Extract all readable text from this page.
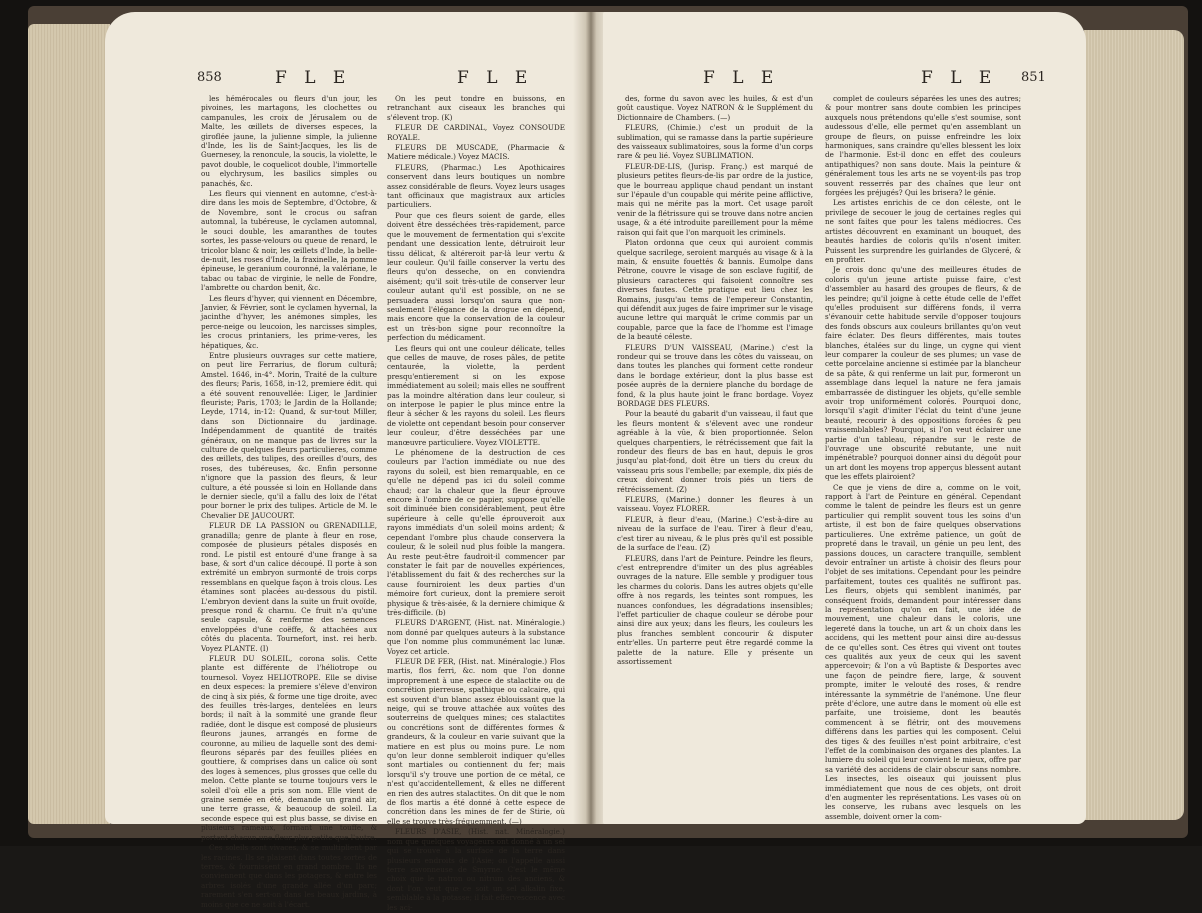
858	F L E	F L E

les hémérocales ou fleurs d'un jour, les pivoines, les martagons, les clochettes ou campanules, les croix de Jérusalem ou de Malte, les œillets de diverses especes, la giroflée jaune, la julienne simple, la julienne d'Inde, les lis de Saint-Jacques, les lis de Guernesey, la renoncule, la soucis, la violette, le pavot double, le coquelicot double, l'immortelle ou elychrysum, les basilics simples ou panachés, &c.

Les fleurs qui viennent en automne, c'est-à-dire dans les mois de Septembre, d'Octobre, & de Novembre, sont le crocus ou safran automnal, la tubéreuse, le cyclamen automnal, le souci double, les amaranthes de toutes sortes, les passe-velours ou queue de renard, le tricolor blanc & noir, les œillets d'Inde, la belle-de-nuit, les roses d'Inde, la fraxinelle, la pomme épineuse, le geranium couronné, la valériane, le tabac ou tabac de virginie, le nelle de Fondre, l'ambrette ou chardon benit, &c.

Les fleurs d'hyver, qui viennent en Décembre, Janvier, & Février, sont le cyclamen hyvernal, la jacinthe d'hyver, les anémones simples, les perce-neige ou leucoion, les narcisses simples, les crocus printaniers, les prime-veres, les hépatiques, &c.

Entre plusieurs ouvrages sur cette matiere, on peut lire Ferrarius, de florum culturâ; Amstel. 1646, in-4°. Morin, Traité de la culture des fleurs; Paris, 1658, in-12, premiere édit. qui a été souvent renouvellée: Liger, le Jardinier fleuriste; Paris, 1703; le Jardin de la Hollande; Leyde, 1714, in-12: Quand, & sur-tout Miller, dans son Dictionnaire du jardinage. Indépendamment de quantité de traités généraux, on ne manque pas de livres sur la culture de quelques fleurs particulieres, comme des œillets, des tulipes, des oreilles d'ours, des roses, des tubéreuses, &c. Enfin personne n'ignore que la passion des fleurs, & leur culture, a été poussée si loin en Hollande dans le dernier siecle, qu'il a fallu des loix de l'état pour borner le prix des tulipes. Article de M. le Chevalier DE JAUCOURT.

FLEUR DE LA PASSION ou GRENADILLE, granadilla; genre de plante à fleur en rose, composée de plusieurs pétales disposés en rond. Le pistil est entouré d'une frange à sa base, & sort d'un calice découpé. Il porte à son extrémité un embryon surmonté de trois corps ressemblans en quelque façon à trois clous. Les étamines sont placées au-dessous du pistil. L'embryon devient dans la suite un fruit ovoïde, presque rond & charnu. Ce fruit n'a qu'une seule capsule, & renferme des semences enveloppées d'une coëffe, & attachées aux côtés du placenta. Tournefort, inst. rei herb. Voyez PLANTE. (I)

FLEUR DU SOLEIL, corona solis. Cette plante est différente de l'héliotrope ou tournesol. Voyez HELIOTROPE. Elle se divise en deux especes: la premiere s'éleve d'environ de cinq à six piés, & forme une tige droite, avec des feuilles très-larges, dentelées en leurs bords; il naît à la sommité une grande fleur radiée, dont le disque est composé de plusieurs fleurons jaunes, arrangés en forme de couronne, au milieu de laquelle sont des demi-fleurons séparés par des feuilles pliées en gouttiere, & comprises dans un calice où sont des loges à semences, plus grosses que celle du melon. Cette plante se tourne toujours vers le soleil d'où elle a pris son nom. Elle vient de graine semée en été, demande un grand air, une terre grasse, & beaucoup de soleil. La seconde espece qui est plus basse, se divise en plusieurs rameaux, formant une touffe, & portant chacun une fleur plus petite que l'autre.

Ces soleils sont vivaces, & se multiplient par les racines. Ils se plaisent dans toutes sortes de terres, & fournissent en grand nombre. Ils ne conviennent que dans les potagers, & entre les arbres isolés d'une grande allée d'un parc; rarement s'en sert-on dans les beaux jardins, à moins que ce ne soit à l'écart.

On les peut tondre en buissons, en retranchant aux ciseaux les branches qui s'élevent trop. (K)

FLEUR DE CARDINAL, Voyez CONSOUDE ROYALE.

FLEURS DE MUSCADE, (Pharmacie & Matiere médicale.) Voyez MACIS.

FLEURS, (Pharmac.) Les Apothicaires conservent dans leurs boutiques un nombre assez considérable de fleurs. Voyez leurs usages tant officinaux que magistraux aux articles particuliers.

Pour que ces fleurs soient de garde, elles doivent être desséchées très-rapidement, parce que le mouvement de fermentation qui s'excite pendant une dessication lente, détruiroit leur tissu délicat, & altéreroit par-là leur vertu & leur couleur. Qu'il faille conserver la vertu des fleurs qu'on desseche, on en conviendra aisément; qu'il soit très-utile de conserver leur couleur autant qu'il est possible, on ne se persuadera aussi lorsqu'on saura que non-seulement l'élégance de la drogue en dépend, mais encore que la conservation de la couleur est un très-bon signe pour reconnoître la perfection du médicament.

Les fleurs qui ont une couleur délicate, telles que celles de mauve, de roses pâles, de petite centaurée, la violette, la perdent presqu'entierement si on les expose immédiatement au soleil; mais elles ne souffrent pas la moindre altération dans leur couleur, si on interpose le papier le plus mince entre la fleur à sécher & les rayons du soleil. Les fleurs de violette ont cependant besoin pour conserver leur couleur, d'être desséchées par une manœuvre particuliere. Voyez VIOLETTE.

Le phénomene de la destruction de ces couleurs par l'action immédiate ou nue des rayons du soleil, est bien remarquable, en ce qu'elle ne dépend pas ici du soleil comme chaud; car la chaleur que la fleur éprouve encore à l'ombre de ce papier, suppose qu'elle soit diminuée bien considérablement, peut être supérieure à celle qu'elle éprouveroit aux rayons immédiats d'un soleil moins ardent; & cependant l'ombre plus chaude conservera la couleur, & le soleil nud plus foible la mangera. Au reste peut-être faudroit-il commencer par constater le fait par de nouvelles expériences, l'établissement du fait & des recherches sur la cause fourniroient les deux parties d'un mémoire fort curieux, dont la premiere seroit physique & très-aisée, & la derniere chimique & très-difficile. (b)

FLEURS D'ARGENT, (Hist. nat. Minéralogie.) nom donné par quelques auteurs à la substance que l'on nomme plus communément lac lunæ. Voyez cet article.

FLEUR DE FER, (Hist. nat. Minéralogie.) Flos martis, flos ferri, &c. nom que l'on donne improprement à une espece de stalactite ou de concrétion pierreuse, spathique ou calcaire, qui est souvent d'un blanc assez éblouissant que la neige, qui se trouve attachée aux voûtes des souterreins de quelques mines; ces stalactites ou concrétions sont de différentes formes & grandeurs, & la couleur en varie suivant que la matiere en est plus ou moins pure. Le nom qu'on leur donne sembleroit indiquer qu'elles sont martiales ou contiennent du fer; mais lorsqu'il s'y trouve une portion de ce métal, ce n'est qu'accidentellement, & elles ne different en rien des autres stalactites. On dit que le nom de flos martis a été donné à cette espece de concrétion dans les mines de fer de Stirie, où elle se trouve très-fréquemment. (—)

FLEURS D'ASIE, (Hist. nat. Minéralogie.) nom que quelques voyageurs ont donné à un sel qui se trouve à la surface de la terre dans plusieurs endroits de l'Asie; on l'appelle aussi terre savonneuse de Smyrne. C'est le même choix que le natron ou nitrum des anciens, & dont l'on veut que ce soit un sel alkalin fixe, semblable à la potasse; il fait effervescence avec les aci-

F L E	F L E 851

des, forme du savon avec les huiles, & est d'un goût caustique. Voyez NATRON & le Supplément du Dictionnaire de Chambers. (—)

FLEURS, (Chimie.) c'est un produit de la sublimation, qui se ramasse dans la partie supérieure des vaisseaux sublimatoires, sous la forme d'un corps rare & peu lié. Voyez SUBLIMATION.

FLEUR-DE-LIS, (Jurisp. Franç.) est marqué de plusieurs petites fleurs-de-lis par ordre de la justice, que le bourreau applique chaud pendant un instant sur l'épaule d'un coupable qui mérite peine afflictive, mais qui ne mérite pas la mort. Cet usage paroît venir de la flétrissure qui se trouve dans notre ancien usage, & a été introduite pareillement pour la même raison qui fait que l'on marquoit les criminels.

Platon ordonna que ceux qui auroient commis quelque sacrilege, seroient marqués au visage & à la main, & ensuite fouettés & bannis. Eumolpe dans Pétrone, couvre le visage de son esclave fugitif, de plusieurs caracteres qui faisoient connoître ses diverses fautes. Cette pratique eut lieu chez les Romains, jusqu'au tems de l'empereur Constantin, qui défendit aux juges de faire imprimer sur le visage aucune lettre qui marquât le crime commis par un coupable, parce que la face de l'homme est l'image de la beauté céleste.

FLEURS D'UN VAISSEAU, (Marine.) c'est la rondeur qui se trouve dans les côtes du vaisseau, on dans toutes les planches qui forment cette rondeur dans le bordage extérieur, dont la plus basse est posée auprès de la derniere planche du bordage de fond, & la plus haute joint le franc bordage. Voyez BORDAGE DES FLEURS.

Pour la beauté du gabarit d'un vaisseau, il faut que les fleurs montent & s'élevent avec une rondeur agréable à la vûe, & bien proportionnée. Selon quelques charpentiers, le rétrécissement que fait la rondeur des fleurs de bas en haut, depuis le gros jusqu'au plat-fond, doit être un tiers du creux du vaisseau pris sous l'embelle; par exemple, dix piés de creux doivent donner trois piés un tiers de rétrécissement. (Z)

FLEURS, (Marine.) donner les fleures à un vaisseau. Voyez FLORER.

FLEUR, à fleur d'eau, (Marine.) C'est-à-dire au niveau de la surface de l'eau. Tirer à fleur d'eau, c'est tirer au niveau, & le plus près qu'il est possible de la surface de l'eau. (Z)

FLEURS, dans l'art de Peinture. Peindre les fleurs, c'est entreprendre d'imiter un des plus agréables ouvrages de la nature. Elle semble y prodiguer tous les charmes du coloris. Dans les autres objets qu'elle offre à nos regards, les teintes sont rompues, les nuances confondues, les dégradations insensibles; l'effet particulier de chaque couleur se dérobe pour ainsi dire aux yeux; dans les fleurs, les couleurs les plus franches semblent concourir & disputer entr'elles. Un parterre peut être regardé comme la palette de la nature. Elle y présente un assortissement

complet de couleurs séparées les unes des autres; & pour montrer sans doute combien les principes auxquels nous prétendons qu'elle s'est soumise, sont audessous d'elle, elle permet qu'en assemblant un groupe de fleurs, on puisse enfreindre les loix harmoniques, sans craindre qu'elles blessent les loix de l'harmonie. Est-il donc en effet des couleurs antipathiques? non sans doute. Mais la peinture & généralement tous les arts ne se voyent-ils pas trop souvent resserrés par des chaînes que leur ont forgées les préjugés? Qui les brisera? le génie.

Les artistes enrichis de ce don céleste, ont le privilege de secouer le joug de certaines regles qui ne sont faites que pour les talens médiocres. Ces artistes découvrent en examinant un bouquet, des beautés hardies de coloris qu'ils n'osent imiter. Puissent les surprendre les guirlandes de Glyceré, & en profiter.

Je crois donc qu'une des meilleures études de coloris qu'un jeune artiste puisse faire, c'est d'assembler au hasard des groupes de fleurs, & de les peindre; qu'il joigne à cette étude celle de l'effet qu'elles produisent sur différens fonds, il verra s'évanouir cette habitude servile d'opposer toujours des fonds obscurs aux couleurs brillantes qu'on veut faire éclater. Des fleurs différentes, mais toutes blanches, étalées sur du linge, un cygne qui vient leur comparer la couleur de ses plumes; un vase de cette porcelaine ancienne si estimée par la blancheur de sa pâte, & qui renferme un lait pur, formeront un assemblage dans lequel la nature ne fera jamais embarrassée de distinguer les objets, qu'elle semble avoir trop uniformément colorés. Pourquoi donc, lorsqu'il s'agit d'imiter l'éclat du teint d'une jeune beauté, recourir à des oppositions forcées & peu vraissemblables? Pourquoi, si l'on veut éclairer une partie d'un tableau, répandre sur le reste de l'ouvrage une obscurité rebutante, une nuit impénétrable? pourquoi donner ainsi du dégoût pour un art dont les moyens trop apperçus blessent autant que les effets plairoient?

Ce que je viens de dire a, comme on le voit, rapport à l'art de Peinture en général. Cependant comme le talent de peindre les fleurs est un genre particulier qui remplit souvent tous les soins d'un artiste, il est bon de faire quelques observations particulieres. Une extrême patience, un goût de propreté dans le travail, un génie un peu lent, des passions douces, un caractere tranquille, semblent devoir entraîner un artiste à choisir des fleurs pour l'objet de ses imitations. Cependant pour les peindre parfaitement, toutes ces qualités ne suffiront pas. Les fleurs, objets qui semblent inanimés, par conséquent froids, demandent pour intéresser dans la représentation qu'on en fait, une idée de mouvement, une chaleur dans le coloris, une legereté dans la touche, un art & un choix dans les accidens, qui les mettent pour ainsi dire au-dessus de ce qu'elles sont. Ces êtres qui vivent ont toutes ces qualités aux yeux de ceux qui les savent appercevoir; & l'on a vû Baptiste & Desportes avec une façon de peindre fiere, large, & souvent prompte, imiter le velouté des roses, & rendre intéressante la symmétrie de l'anémone. Une fleur prête d'éclore, une autre dans le moment où elle est parfaite, une troisieme, dont les beautés commencent à se flétrir, ont des mouvemens différens dans les parties qui les composent. Celui des tiges & des feuilles n'est point arbitraire, c'est l'effet de la combinaison des organes des plantes. La lumiere du soleil qui leur convient le mieux, offre par sa variété des accidens de clair obscur sans nombre. Les insectes, les oiseaux qui jouissent plus immédiatement que nous de ces objets, ont droit d'en augmenter les représentations. Les vases où on les conserve, les rubans avec lesquels on les assemble, doivent orner la com-
